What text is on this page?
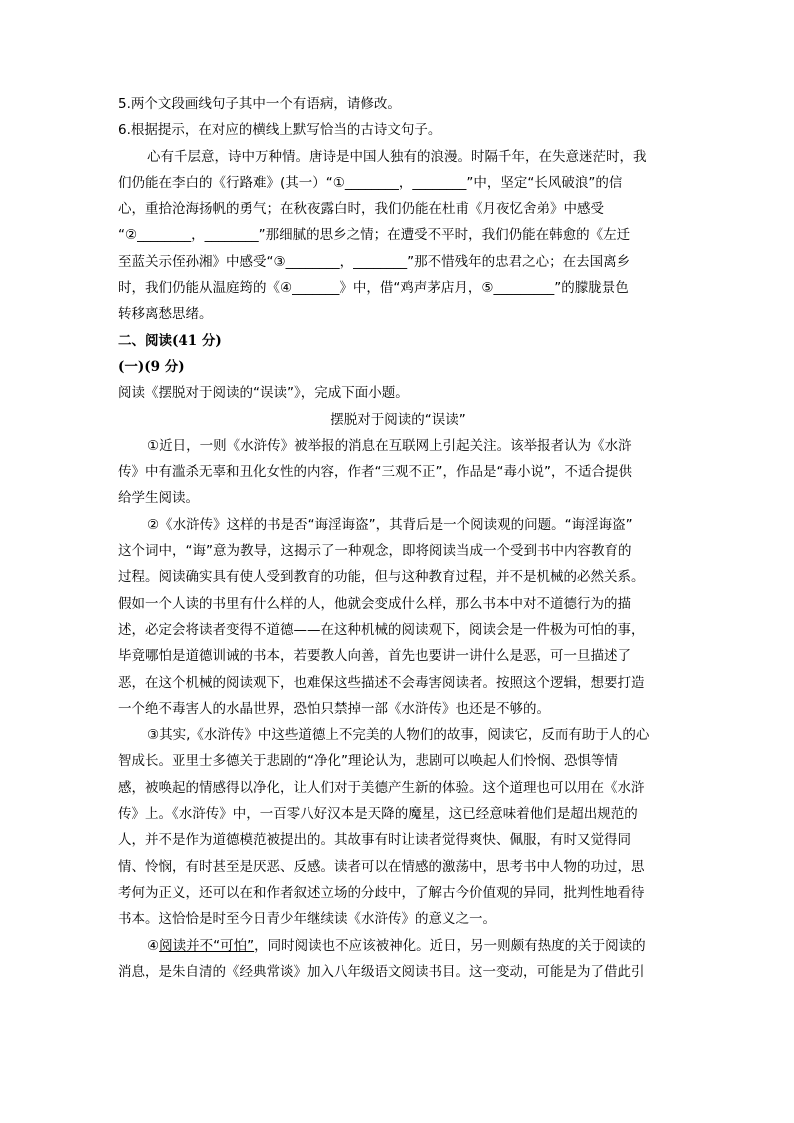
5.两个文段画线句子其中一个有语病，请修改。
6.根据提示，在对应的横线上默写恰当的古诗文句子。
心有千层意，诗中万种情。唐诗是中国人独有的浪漫。时隔千年，在失意迷茫时，我
们仍能在李白的《行路难》(其一）“①________，________”中，坚定“长风破浪”的信
心，重拾沧海扬帆的勇气；在秋夜露白时，我们仍能在杜甫《月夜忆舍弟》中感受
“②________，________”那细腻的思乡之情；在遭受不平时，我们仍能在韩愈的《左迁
至蓝关示侄孙湘》中感受“③________，________”那不惜残年的忠君之心；在去国离乡
时，我们仍能从温庭筠的《④_______》中，借“鸡声茅店月，⑤_________”的朦胧景色
转移离愁思绪。
二、阅读(41 分)
(一)(9 分)
阅读《摆脱对于阅读的“误读”》，完成下面小题。
摆脱对于阅读的“误读”
①近日，一则《水浒传》被举报的消息在互联网上引起关注。该举报者认为《水浒
传》中有滥杀无辜和丑化女性的内容，作者“三观不正”，作品是“毒小说”，不适合提供
给学生阅读。
②《水浒传》这样的书是否“诲淫诲盗”，其背后是一个阅读观的问题。“诲淫诲盗”
这个词中，“诲”意为教导，这揭示了一种观念，即将阅读当成一个受到书中内容教育的
过程。阅读确实具有使人受到教育的功能，但与这种教育过程，并不是机械的必然关系。
假如一个人读的书里有什么样的人，他就会变成什么样，那么书本中对不道德行为的描
述，必定会将读者变得不道德——在这种机械的阅读观下，阅读会是一件极为可怕的事，
毕竟哪怕是道德训诫的书本，若要教人向善，首先也要讲一讲什么是恶，可一旦描述了
恶，在这个机械的阅读观下，也难保这些描述不会毒害阅读者。按照这个逻辑，想要打造
一个绝不毒害人的水晶世界，恐怕只禁掉一部《水浒传》也还是不够的。
③其实,《水浒传》中这些道德上不完美的人物们的故事，阅读它，反而有助于人的心
智成长。亚里士多德关于悲剧的“净化”理论认为，悲剧可以唤起人们怜悯、恐惧等情
感，被唤起的情感得以净化，让人们对于美德产生新的体验。这个道理也可以用在《水浒
传》上。《水浒传》中，一百零八好汉本是天降的魔星，这已经意味着他们是超出规范的
人，并不是作为道德模范被提出的。其故事有时让读者觉得爽快、佩服，有时又觉得同
情、怜悯，有时甚至是厌恶、反感。读者可以在情感的激荡中，思考书中人物的功过，思
考何为正义，还可以在和作者叙述立场的分歧中，了解古今价值观的异同，批判性地看待
书本。这恰恰是时至今日青少年继续读《水浒传》的意义之一。
④阅读并不“可怕”，同时阅读也不应该被神化。近日，另一则颇有热度的关于阅读的
消息，是朱自清的《经典常谈》加入八年级语文阅读书目。这一变动，可能是为了借此引
